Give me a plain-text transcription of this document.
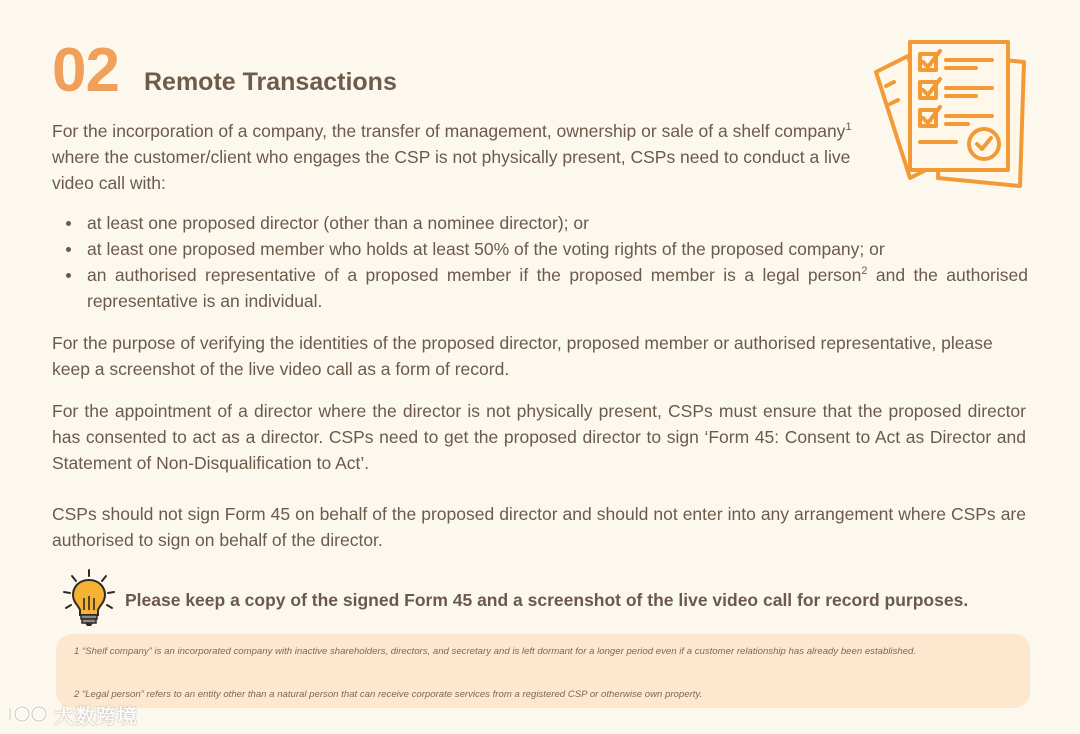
02 Remote Transactions
For the incorporation of a company, the transfer of management, ownership or sale of a shelf company$^1$ where the customer/client who engages the CSP is not physically present, CSPs need to conduct a live video call with:
at least one proposed director (other than a nominee director); or
at least one proposed member who holds at least 50% of the voting rights of the proposed company; or
an authorised representative of a proposed member if the proposed member is a legal person$^2$ and the authorised representative is an individual.
For the purpose of verifying the identities of the proposed director, proposed member or authorised representative, please keep a screenshot of the live video call as a form of record.
For the appointment of a director where the director is not physically present, CSPs must ensure that the proposed director has consented to act as a director. CSPs need to get the proposed director to sign ‘Form 45: Consent to Act as Director and Statement of Non-Disqualification to Act’.
CSPs should not sign Form 45 on behalf of the proposed director and should not enter into any arrangement where CSPs are authorised to sign on behalf of the director.
Please keep a copy of the signed Form 45 and a screenshot of the live video call for record purposes.
1 “Shelf company” is an incorporated company with inactive shareholders, directors, and secretary and is left dormant for a longer period even if a customer relationship has already been established.
2 “Legal person” refers to an entity other than a natural person that can receive corporate services from a registered CSP or otherwise own property.
大数跨境
